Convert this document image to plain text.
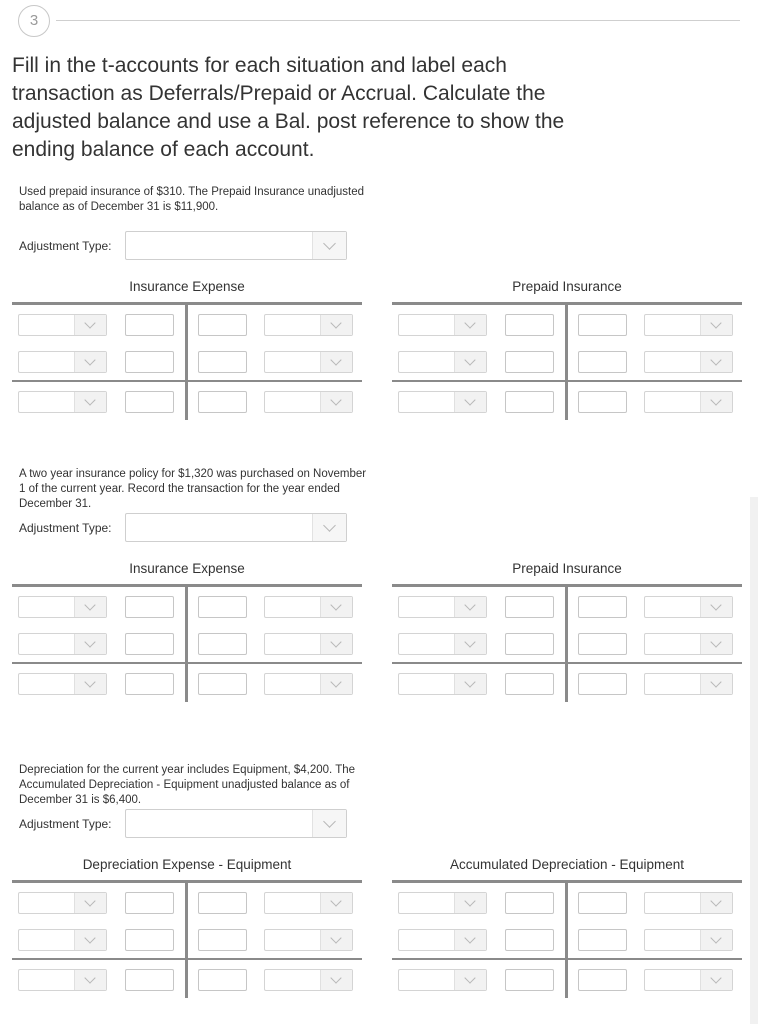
3
Fill in the t-accounts for each situation and label each transaction as Deferrals/Prepaid or Accrual. Calculate the adjusted balance and use a Bal. post reference to show the ending balance of each account.
Used prepaid insurance of $310. The Prepaid Insurance unadjusted balance as of December 31 is $11,900.
Adjustment Type:
Insurance Expense	Prepaid Insurance
A two year insurance policy for $1,320 was purchased on November 1 of the current year. Record the transaction for the year ended December 31.
Adjustment Type:
Insurance Expense	Prepaid Insurance
Depreciation for the current year includes Equipment, $4,200. The Accumulated Depreciation - Equipment unadjusted balance as of December 31 is $6,400.
Adjustment Type:
Depreciation Expense - Equipment	Accumulated Depreciation - Equipment
